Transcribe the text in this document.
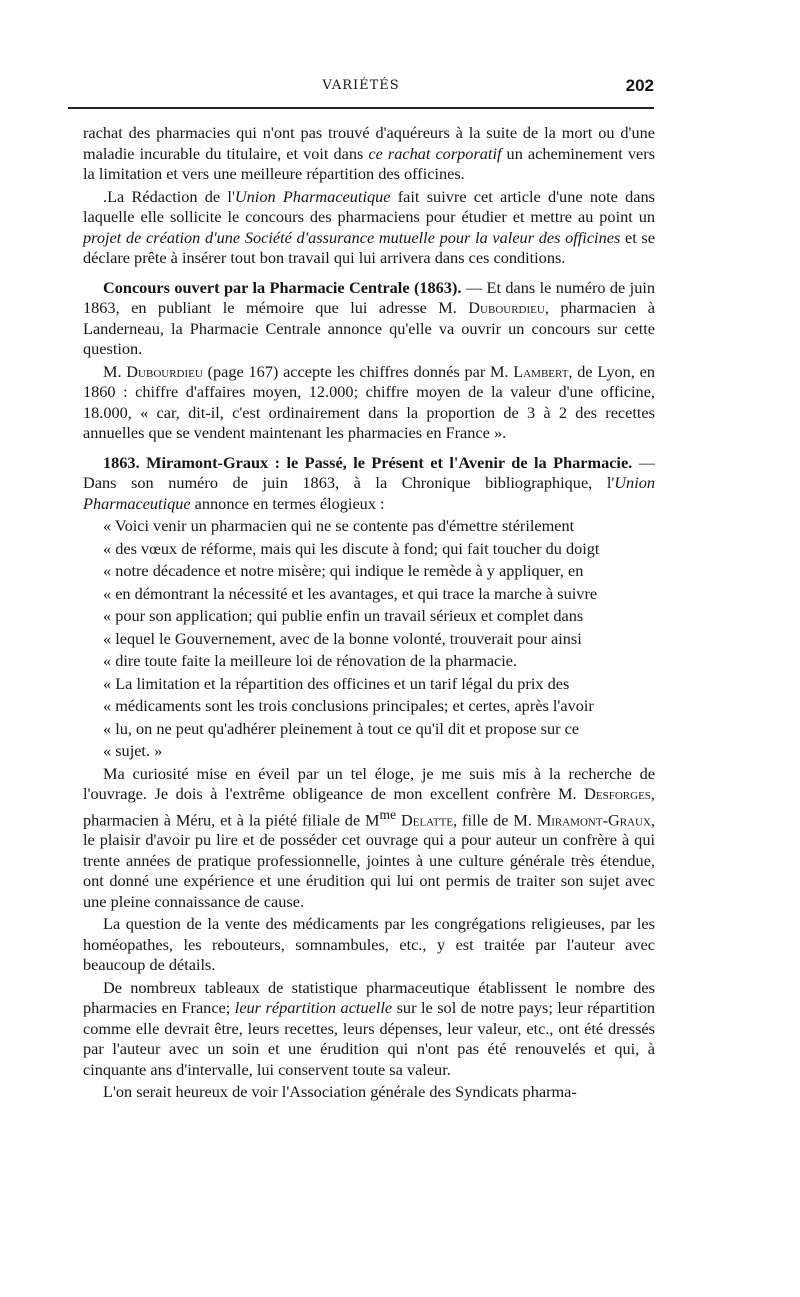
VARIÉTÉS	202

rachat des pharmacies qui n'ont pas trouvé d'aquéreurs à la suite de la mort ou d'une maladie incurable du titulaire, et voit dans ce rachat corporatif un acheminement vers la limitation et vers une meilleure répartition des officines.

.La Rédaction de l'Union Pharmaceutique fait suivre cet article d'une note dans laquelle elle sollicite le concours des pharmaciens pour étudier et mettre au point un projet de création d'une Société d'assurance mutuelle pour la valeur des officines et se déclare prête à insérer tout bon travail qui lui arrivera dans ces conditions.

Concours ouvert par la Pharmacie Centrale (1863). — Et dans le numéro de juin 1863, en publiant le mémoire que lui adresse M. Dubourdieu, pharmacien à Landerneau, la Pharmacie Centrale annonce qu'elle va ouvrir un concours sur cette question.

M. Dubourdieu (page 167) accepte les chiffres donnés par M. Lambert, de Lyon, en 1860 : chiffre d'affaires moyen, 12.000; chiffre moyen de la valeur d'une officine, 18.000, « car, dit-il, c'est ordinairement dans la proportion de 3 à 2 des recettes annuelles que se vendent maintenant les pharmacies en France ».

1863. Miramont-Graux : le Passé, le Présent et l'Avenir de la Pharmacie. — Dans son numéro de juin 1863, à la Chronique bibliographique, l'Union Pharmaceutique annonce en termes élogieux :

« Voici venir un pharmacien qui ne se contente pas d'émettre stérilement

« des vœux de réforme, mais qui les discute à fond; qui fait toucher du doigt

« notre décadence et notre misère; qui indique le remède à y appliquer, en

« en démontrant la nécessité et les avantages, et qui trace la marche à suivre

« pour son application; qui publie enfin un travail sérieux et complet dans

« lequel le Gouvernement, avec de la bonne volonté, trouverait pour ainsi

« dire toute faite la meilleure loi de rénovation de la pharmacie.

« La limitation et la répartition des officines et un tarif légal du prix des

« médicaments sont les trois conclusions principales; et certes, après l'avoir

« lu, on ne peut qu'adhérer pleinement à tout ce qu'il dit et propose sur ce

« sujet. »

Ma curiosité mise en éveil par un tel éloge, je me suis mis à la recherche de l'ouvrage. Je dois à l'extrême obligeance de mon excellent confrère M. Desforges, pharmacien à Méru, et à la piété filiale de $M^{me}$ Delatte, fille de M. Miramont-Graux, le plaisir d'avoir pu lire et de posséder cet ouvrage qui a pour auteur un confrère à qui trente années de pratique professionnelle, jointes à une culture générale très étendue, ont donné une expérience et une érudition qui lui ont permis de traiter son sujet avec une pleine connaissance de cause.

La question de la vente des médicaments par les congrégations religieuses, par les homéopathes, les rebouteurs, somnambules, etc., y est traitée par l'auteur avec beaucoup de détails.

De nombreux tableaux de statistique pharmaceutique établissent le nombre des pharmacies en France; leur répartition actuelle sur le sol de notre pays; leur répartition comme elle devrait être, leurs recettes, leurs dépenses, leur valeur, etc., ont été dressés par l'auteur avec un soin et une érudition qui n'ont pas été renouvelés et qui, à cinquante ans d'intervalle, lui conservent toute sa valeur.

L'on serait heureux de voir l'Association générale des Syndicats pharma-
